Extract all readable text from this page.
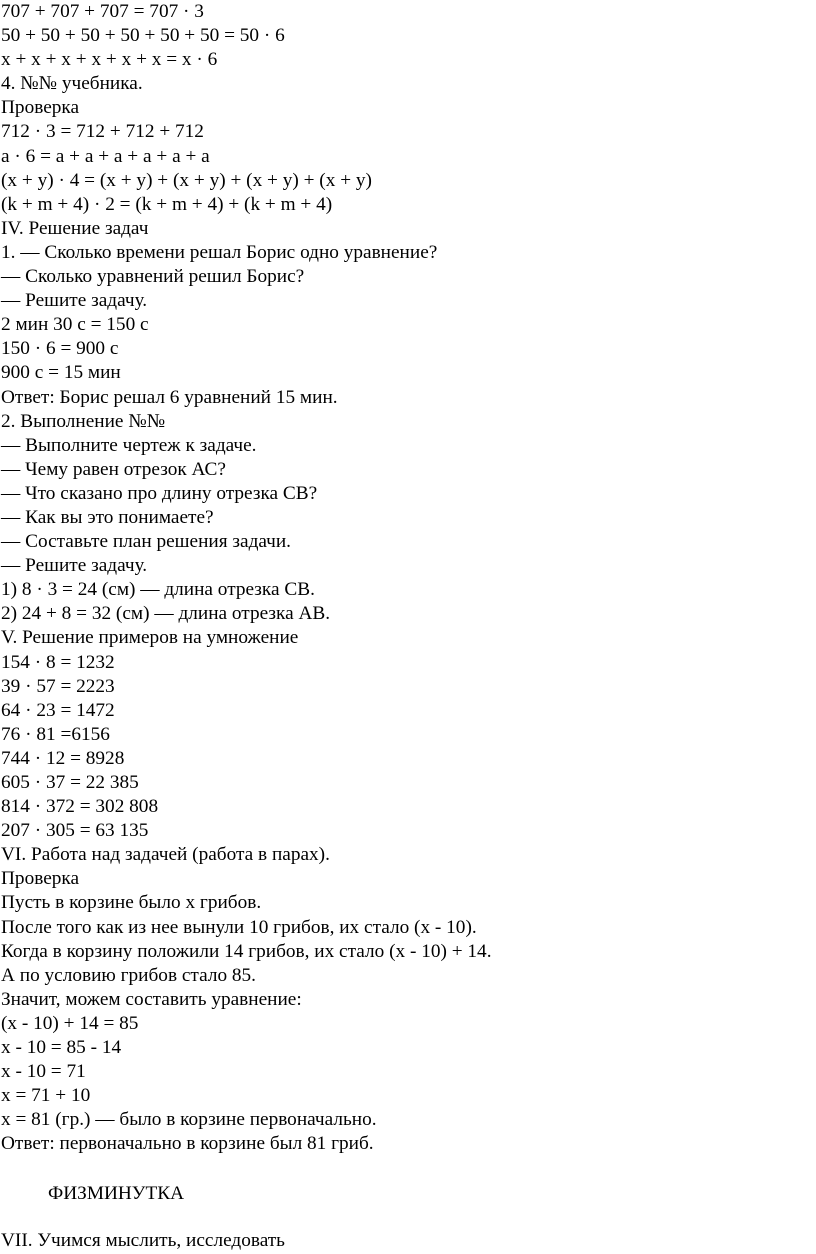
707 + 707 + 707 = 707 · 3

50 + 50 + 50 + 50 + 50 + 50 = 50 · 6

x + x + x + x + x + x = x · 6

4. №№ учебника.

Проверка

712 · 3 = 712 + 712 + 712

a · 6 = a + a + a + a + a + a

(x + y) · 4 = (x + y) + (x + y) + (x + y) + (x + y)

(k + m + 4) · 2 = (k + m + 4) + (k + m + 4)

IV. Решение задач

1. — Сколько времени решал Борис одно уравнение?

— Сколько уравнений решил Борис?

— Решите задачу.

2 мин 30 с = 150 с

150 · 6 = 900 с

900 с = 15 мин

Ответ: Борис решал 6 уравнений 15 мин.

2. Выполнение №№

— Выполните чертеж к задаче.

— Чему равен отрезок АС?

— Что сказано про длину отрезка СВ?

— Как вы это понимаете?

— Составьте план решения задачи.

— Решите задачу.

1) 8 · 3 = 24 (см) — длина отрезка СВ.

2) 24 + 8 = 32 (см) — длина отрезка АВ.

V. Решение примеров на умножение

154 · 8 = 1232

39 · 57 = 2223

64 · 23 = 1472

76 · 81 =6156

744 · 12 = 8928

605 · 37 = 22 385

814 · 372 = 302 808

207 · 305 = 63 135

VI. Работа над задачей (работа в парах).

Проверка

Пусть в корзине было x грибов.

После того как из нее вынули 10 грибов, их стало (x - 10).

Когда в корзину положили 14 грибов, их стало (x - 10) + 14.

А по условию грибов стало 85.

Значит, можем составить уравнение:

(x - 10) + 14 = 85

x - 10 = 85 - 14

x - 10 = 71

x = 71 + 10

x = 81 (гр.) — было в корзине первоначально.

Ответ: первоначально в корзине был 81 гриб.

ФИЗМИНУТКА
VII. Учимся мыслить, исследовать
